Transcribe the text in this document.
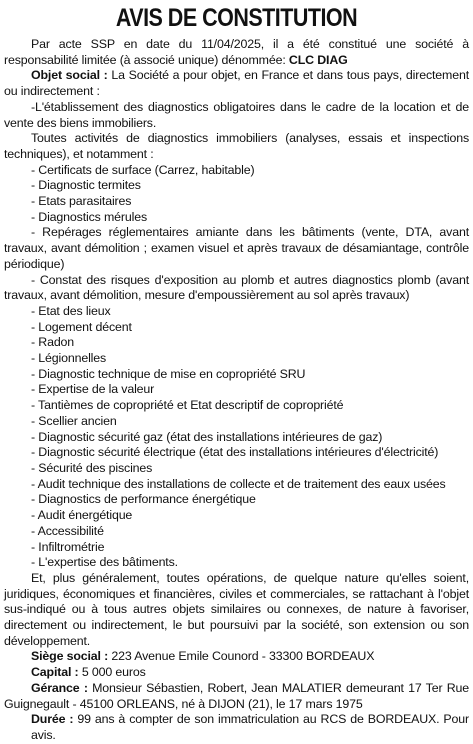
AVIS DE CONSTITUTION

Par acte SSP en date du 11/04/2025, il a été constitué une société à responsabilité limitée (à associé unique) dénommée: CLC DIAG

Objet social : La Société a pour objet, en France et dans tous pays, directement ou indirectement :

-L'établissement des diagnostics obligatoires dans le cadre de la location et de vente des biens immobiliers.

Toutes activités de diagnostics immobiliers (analyses, essais et inspections techniques), et notamment :

- Certificats de surface (Carrez, habitable)

- Diagnostic termites

- Etats parasitaires

- Diagnostics mérules

- Repérages réglementaires amiante dans les bâtiments (vente, DTA, avant travaux, avant démolition ; examen visuel et après travaux de désamiantage, contrôle périodique)

- Constat des risques d'exposition au plomb et autres diagnostics plomb (avant travaux, avant démolition, mesure d'empoussièrement au sol après travaux)

- Etat des lieux

- Logement décent

- Radon

- Légionnelles

- Diagnostic technique de mise en copropriété SRU

- Expertise de la valeur

- Tantièmes de copropriété et Etat descriptif de copropriété

- Scellier ancien

- Diagnostic sécurité gaz (état des installations intérieures de gaz)

- Diagnostic sécurité électrique (état des installations intérieures d'électricité)

- Sécurité des piscines

- Audit technique des installations de collecte et de traitement des eaux usées

- Diagnostics de performance énergétique

- Audit énergétique

- Accessibilité

- Infiltrométrie

- L'expertise des bâtiments.

Et, plus généralement, toutes opérations, de quelque nature qu'elles soient, juridiques, économiques et financières, civiles et commerciales, se rattachant à l'objet sus-indiqué ou à tous autres objets similaires ou connexes, de nature à favoriser, directement ou indirectement, le but poursuivi par la société, son extension ou son développement.

Siège social : 223 Avenue Emile Counord - 33300 BORDEAUX

Capital : 5 000 euros

Gérance : Monsieur Sébastien, Robert, Jean MALATIER demeurant 17 Ter Rue Guignegault - 45100 ORLEANS, né à DIJON (21), le 17 mars 1975

Durée : 99 ans à compter de son immatriculation au RCS de BORDEAUX. Pour avis.
